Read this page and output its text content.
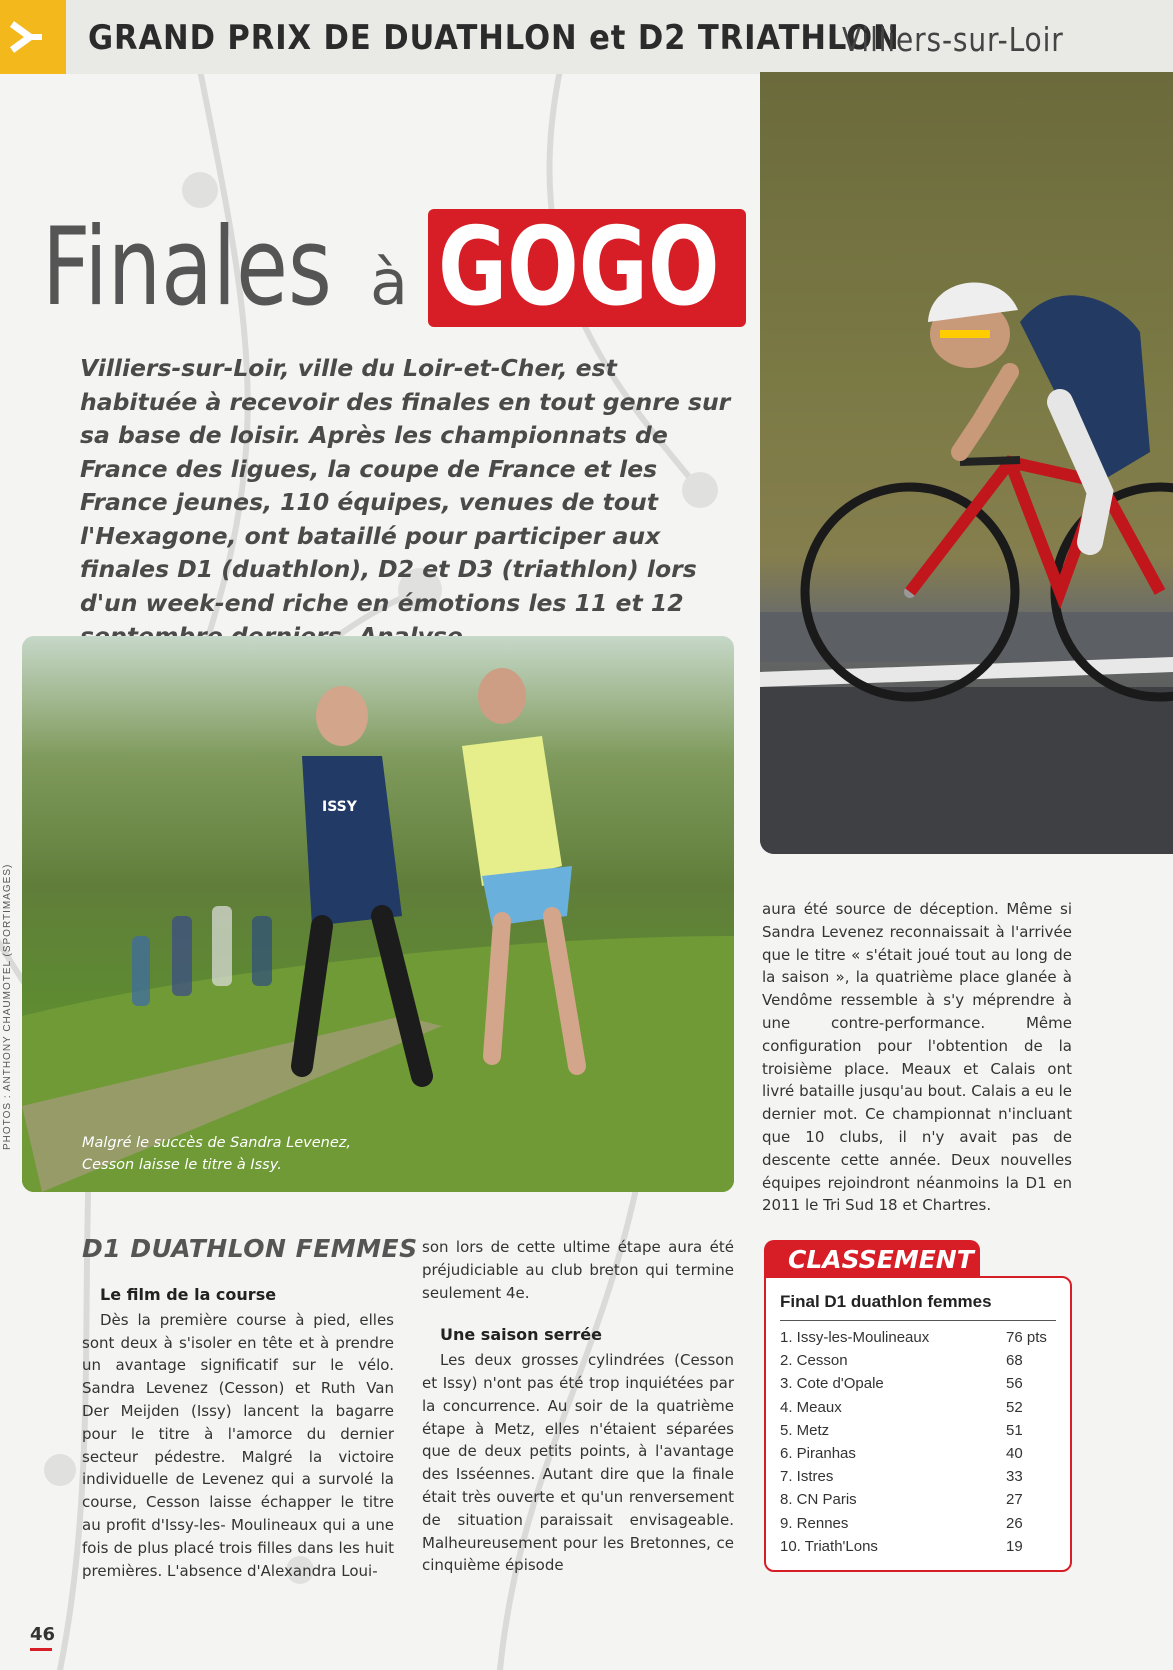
GRAND PRIX DE DUATHLON et D2 TRIATHLON
Villiers-sur-Loir
Finales à GOGO
Villiers-sur-Loir, ville du Loir-et-Cher, est habituée à recevoir des finales en tout genre sur sa base de loisir. Après les championnats de France des ligues, la coupe de France et les France jeunes, 110 équipes, venues de tout l'Hexagone, ont bataillé pour participer aux finales D1 (duathlon), D2 et D3 (triathlon) lors d'un week-end riche en émotions les 11 et 12
ISSY
Malgré le succès de Sandra Levenez, Cesson laisse le titre à Issy.
PHOTOS : ANTHONY CHAUMOTEL (SPORTIMAGES)
D1 DUATHLON FEMMES
Le film de la course

Dès la première course à pied, elles sont deux à s'isoler en tête et à prendre un avantage significatif sur le vélo. Sandra Levenez (Cesson) et Ruth Van Der Meijden (Issy) lancent la bagarre pour le titre à l'amorce du dernier secteur pédestre. Malgré la victoire individuelle de Levenez qui a survolé la course, Cesson laisse échapper le titre au profit d'Issy-les- Moulineaux qui a une fois de plus placé trois filles dans les huit premières. L'absence d'Alexandra Loui-

son lors de cette ultime étape aura été préjudiciable au club breton qui termine seulement 4e.

Une saison serrée

Les deux grosses cylindrées (Cesson et Issy) n'ont pas été trop inquiétées par la concurrence. Au soir de la quatrième étape à Metz, elles n'étaient séparées que de deux petits points, à l'avantage des Isséennes. Autant dire que la finale était très ouverte et qu'un renversement de situation paraissait envisageable. Malheureusement pour les Bretonnes, ce cinquième épisode

aura été source de déception. Même si Sandra Levenez reconnaissait à l'arrivée que le titre « s'était joué tout au long de la saison », la quatrième place glanée à Vendôme ressemble à s'y méprendre à une contre-performance. Même configuration pour l'obtention de la troisième place. Meaux et Calais ont livré bataille jusqu'au bout. Calais a eu le dernier mot. Ce championnat n'incluant que 10 clubs, il n'y avait pas de descente cette année. Deux nouvelles équipes rejoindront néanmoins la D1 en 2011 le Tri Sud 18 et Chartres.

CLASSEMENT
Final D1 duathlon femmes
1. Issy-les-Moulineaux	76 pts
2. Cesson	68
3. Cote d'Opale	56
4. Meaux	52
5. Metz	51
6. Piranhas	40
7. Istres	33
8. CN Paris	27
9. Rennes	26
10. Triath'Lons	19
46
